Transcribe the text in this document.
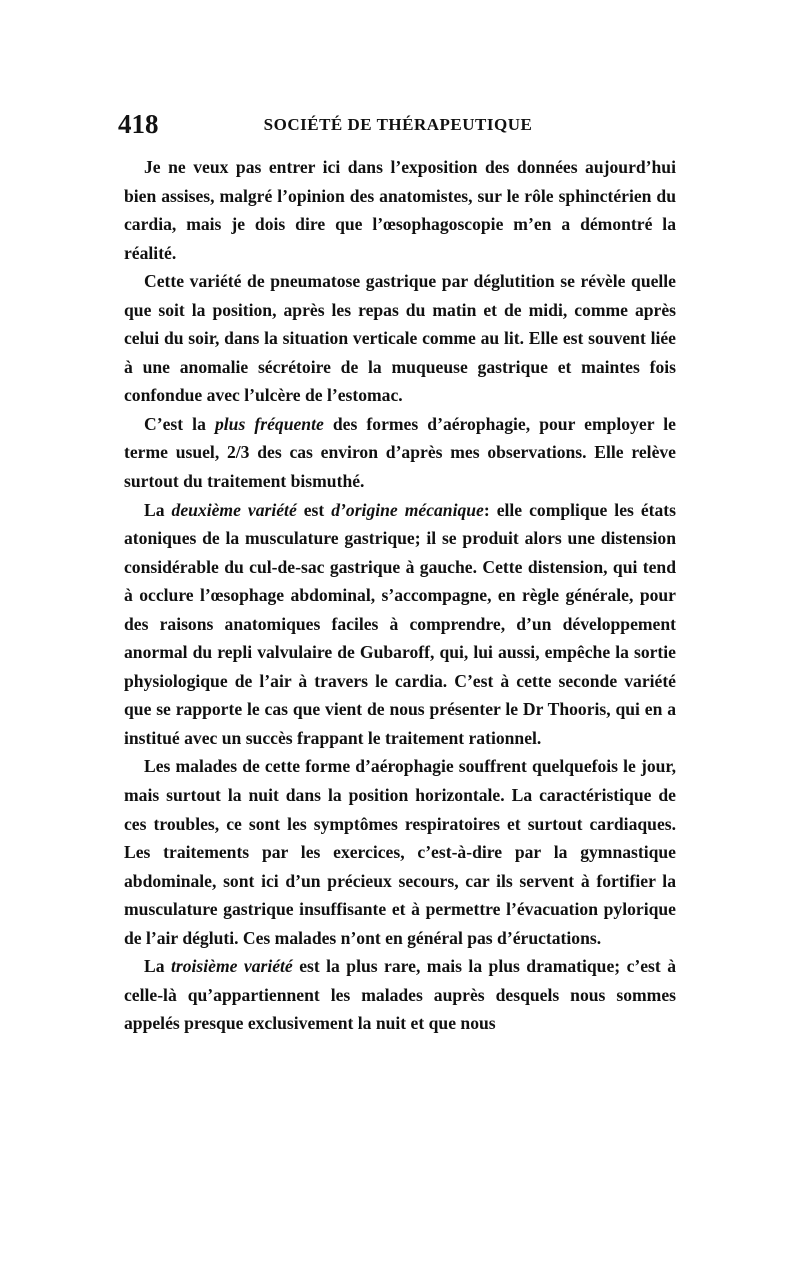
418	SOCIÉTÉ DE THÉRAPEUTIQUE

Je ne veux pas entrer ici dans l’exposition des données aujourd’hui bien assises, malgré l’opinion des anatomistes, sur le rôle sphinctérien du cardia, mais je dois dire que l’œsophagoscopie m’en a démontré la réalité.

Cette variété de pneumatose gastrique par déglutition se révèle quelle que soit la position, après les repas du matin et de midi, comme après celui du soir, dans la situation verticale comme au lit. Elle est souvent liée à une anomalie sécrétoire de la muqueuse gastrique et maintes fois confondue avec l’ulcère de l’estomac.

C’est la plus fréquente des formes d’aérophagie, pour employer le terme usuel, 2/3 des cas environ d’après mes observations. Elle relève surtout du traitement bismuthé.

La deuxième variété est d’origine mécanique: elle complique les états atoniques de la musculature gastrique; il se produit alors une distension considérable du cul-de-sac gastrique à gauche. Cette distension, qui tend à occlure l’œsophage abdominal, s’accompagne, en règle générale, pour des raisons anatomiques faciles à comprendre, d’un développement anormal du repli valvulaire de Gubaroff, qui, lui aussi, empêche la sortie physiologique de l’air à travers le cardia. C’est à cette seconde variété que se rapporte le cas que vient de nous présenter le Dr Thooris, qui en a institué avec un succès frappant le traitement rationnel.

Les malades de cette forme d’aérophagie souffrent quelquefois le jour, mais surtout la nuit dans la position horizontale. La caractéristique de ces troubles, ce sont les symptômes respiratoires et surtout cardiaques. Les traitements par les exercices, c’est-à-dire par la gymnastique abdominale, sont ici d’un précieux secours, car ils servent à fortifier la musculature gastrique insuffisante et à permettre l’évacuation pylorique de l’air dégluti. Ces malades n’ont en général pas d’éructations.

La troisième variété est la plus rare, mais la plus dramatique; c’est à celle-là qu’appartiennent les malades auprès desquels nous sommes appelés presque exclusivement la nuit et que nous
